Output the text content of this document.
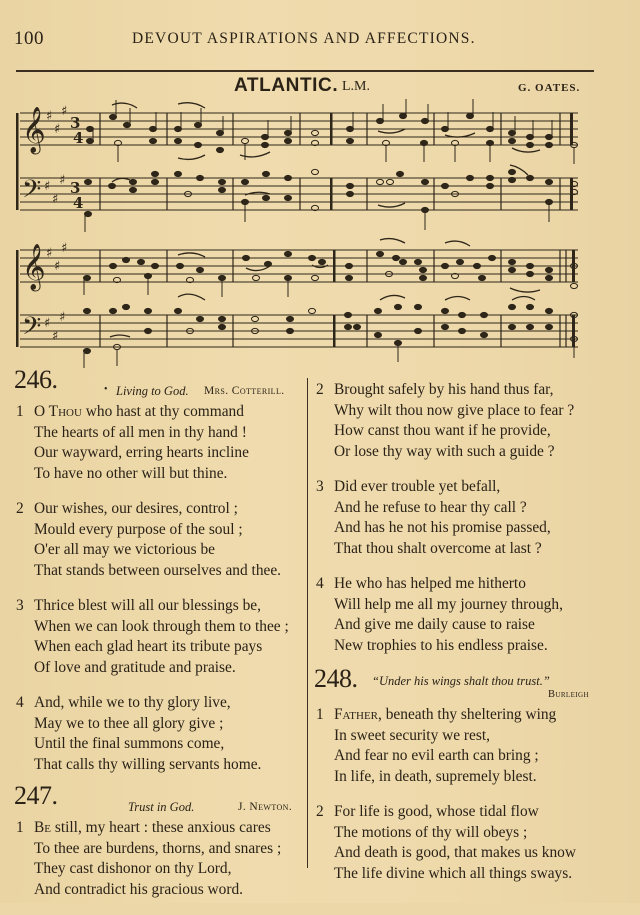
100	DEVOUT ASPIRATIONS AND AFFECTIONS.
ATLANTIC. L.M.	G. OATES.
𝄞
𝄢
𝄞
𝄢
♯
♯
♯
♯
♯
♯
♯
♯
♯
♯
♯
♯
3
4
3
4
246.	• Living to God. Mrs. Cotterill.
1 O Thou who hast at thy command
The hearts of all men in thy hand !
Our wayward, erring hearts incline
To have no other will but thine.
2 Our wishes, our desires, control ;
Mould every purpose of the soul ;
O'er all may we victorious be
That stands between ourselves and thee.
3 Thrice blest will all our blessings be,
When we can look through them to thee ;
When each glad heart its tribute pays
Of love and gratitude and praise.
4 And, while we to thy glory live,
May we to thee all glory give ;
Until the final summons come,
That calls thy willing servants home.
247.	Trust in God.	J. Newton.
1 Be still, my heart : these anxious cares
To thee are burdens, thorns, and snares ;
They cast dishonor on thy Lord,
And contradict his gracious word.
2 Brought safely by his hand thus far,
Why wilt thou now give place to fear ?
How canst thou want if he provide,
Or lose thy way with such a guide ?
3 Did ever trouble yet befall,
And he refuse to hear thy call ?
And has he not his promise passed,
That thou shalt overcome at last ?
4 He who has helped me hitherto
Will help me all my journey through,
And give me daily cause to raise
New trophies to his endless praise.
248. “Under his wings shalt thou trust.”
Burleigh
1 Father, beneath thy sheltering wing
In sweet security we rest,
And fear no evil earth can bring ;
In life, in death, supremely blest.
2 For life is good, whose tidal flow
The motions of thy will obeys ;
And death is good, that makes us know
The life divine which all things sways.
